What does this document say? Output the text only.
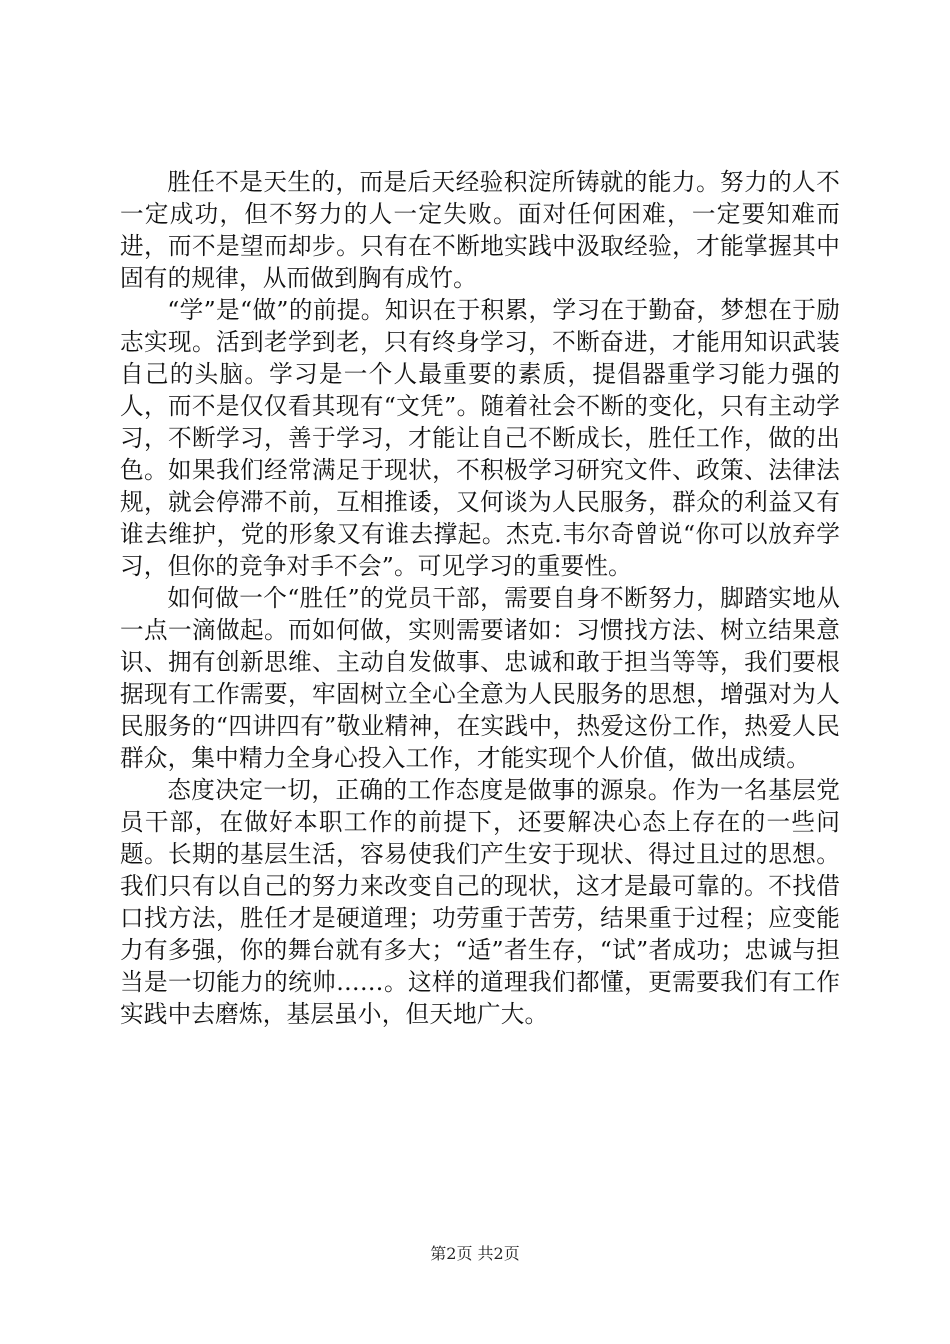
胜任不是天生的，而是后天经验积淀所铸就的能力。努力的人不一定成功，但不努力的人一定失败。面对任何困难，一定要知难而进，而不是望而却步。只有在不断地实践中汲取经验，才能掌握其中固有的规律，从而做到胸有成竹。

“学”是“做”的前提。知识在于积累，学习在于勤奋，梦想在于励志实现。活到老学到老，只有终身学习，不断奋进，才能用知识武装自己的头脑。学习是一个人最重要的素质，提倡器重学习能力强的人，而不是仅仅看其现有“文凭”。随着社会不断的变化，只有主动学习，不断学习，善于学习，才能让自己不断成长，胜任工作，做的出色。如果我们经常满足于现状，不积极学习研究文件、政策、法律法规，就会停滞不前，互相推诿，又何谈为人民服务，群众的利益又有谁去维护，党的形象又有谁去撑起。杰克.韦尔奇曾说“你可以放弃学习，但你的竞争对手不会”。可见学习的重要性。

如何做一个“胜任”的党员干部，需要自身不断努力，脚踏实地从一点一滴做起。而如何做，实则需要诸如：习惯找方法、树立结果意识、拥有创新思维、主动自发做事、忠诚和敢于担当等等，我们要根据现有工作需要，牢固树立全心全意为人民服务的思想，增强对为人民服务的“四讲四有”敬业精神，在实践中，热爱这份工作，热爱人民群众，集中精力全身心投入工作，才能实现个人价值，做出成绩。

态度决定一切，正确的工作态度是做事的源泉。作为一名基层党员干部，在做好本职工作的前提下，还要解决心态上存在的一些问题。长期的基层生活，容易使我们产生安于现状、得过且过的思想。我们只有以自己的努力来改变自己的现状，这才是最可靠的。不找借口找方法，胜任才是硬道理；功劳重于苦劳，结果重于过程；应变能力有多强，你的舞台就有多大；“适”者生存，“试”者成功；忠诚与担当是一切能力的统帅……。这样的道理我们都懂，更需要我们有工作实践中去磨炼，基层虽小，但天地广大。

第2页 共2页
